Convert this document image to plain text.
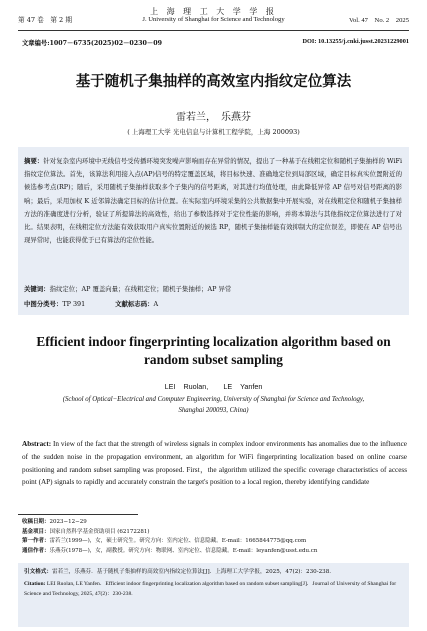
第 47 卷　第 2 期
上 海 理 工 大 学 学 报
J. University of Shanghai for Science and Technology	Vol. 47　No. 2　2025
文章编号:1007－6735(2025)02－0230－09	DOI: 10.13255/j.cnki.jusst.20231229001
基于随机子集抽样的高效室内指纹定位算法
雷若兰，　乐燕芬
( 上海理工大学 光电信息与计算机工程学院，上海 200093)
摘要：针对复杂室内环境中无线信号受传播环境突发噪声影响而存在异常的情况，提出了一种基于在线粗定位和随机子集抽样的 WiFi 指纹定位算法。首先，该算法利用接入点(AP)信号的特定覆盖区域，将目标快速、准确地定位到局部区域，确定目标真实位置附近的候选参考点(RP)；随后，采用随机子集抽样获取多个子集内的信号距离，对其进行均值处理，由此降低异常 AP 信号对信号距离的影响；最后，采用加权 K 近邻算法确定目标的估计位置。在实际室内环境采集的公共数据集中开展实验，对在线粗定位和随机子集抽样方法的准确度进行分析，验证了所提算法的高效性，给出了参数选择对于定位性能的影响，并将本算法与其他指纹定位算法进行了对比。结果表明，在线粗定位方法能有效获取用户真实位置附近的候选 RP，随机子集抽样能有效抑制大的定位误差，即使在 AP 信号出现异常时，也能获得优于已有算法的定位性能。
关键词：指纹定位；AP 覆盖向量；在线粗定位；随机子集抽样；AP 异常
中图分类号：TP 391	文献标志码：A
Efficient indoor fingerprinting localization algorithm based on random subset sampling
LEI Ruolan,　 LE Yanfen
(School of Optical−Electrical and Computer Engineering, University of Shanghai for Science and Technology, Shanghai 200093, China)
Abstract: In view of the fact that the strength of wireless signals in complex indoor environments has anomalies due to the influence of the sudden noise in the propagation environment, an algorithm for WiFi fingerprinting localization based on online coarse positioning and random subset sampling was proposed. First，the algorithm utilized the specific coverage characteristics of access point (AP) signals to rapidly and accurately constrain the target's position to a local region, thereby identifying candidate
收稿日期：2023−12−29
基金项目：国家自然科学基金资助项目 (62172281)
第一作者：雷若兰(1999—)，女，硕士研究生。研究方向：室内定位、信息隐藏。E-mail：1665844775@qq.com
通信作者：乐燕芬(1978—)，女，副教授。研究方向：物联网、室内定位、信息隐藏。E-mail：leyanfen@usst.edu.cn
引文格式：雷若兰，乐燕芬．基于随机子集抽样的高效室内指纹定位算法[J]．上海理工大学学报，2025，47(2)：230-238.
Citation: LEI Ruolan, LE Yanfen．Efficient indoor fingerprinting localization algorithm based on random subset sampling[J]．Journal of University of Shanghai for Science and Technology, 2025, 47(2)：230-238.
